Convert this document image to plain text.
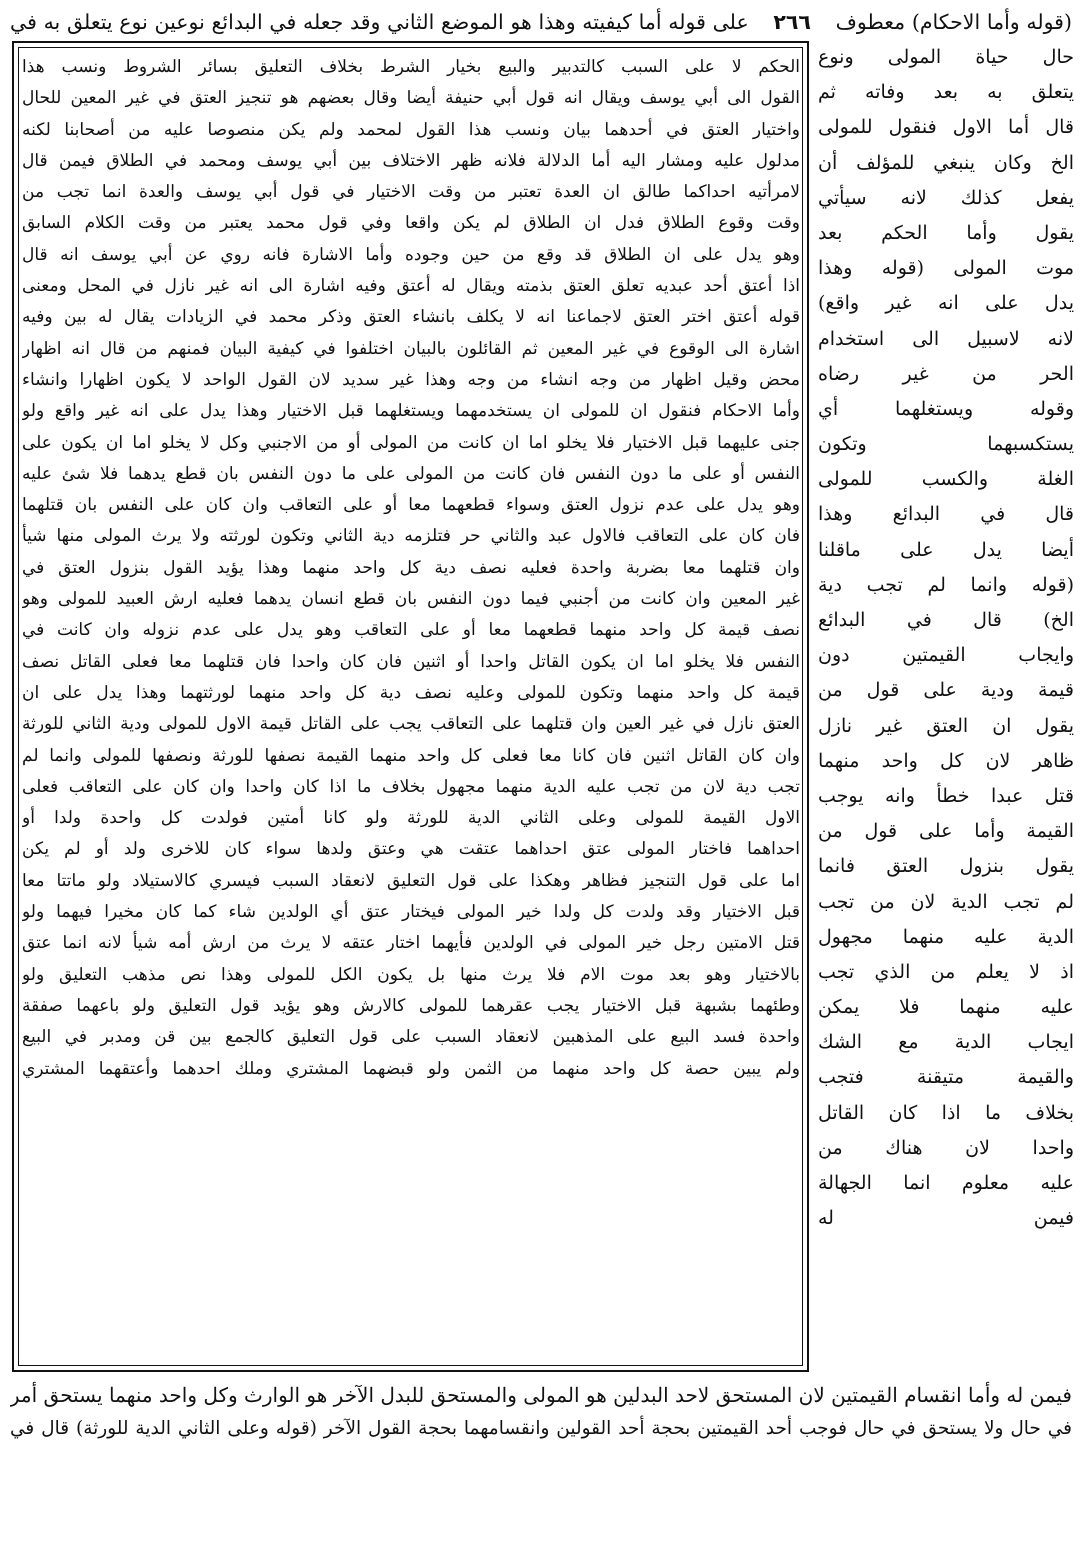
(قوله وأما الاحكام) معطوف ٢٦٦ على قوله أما كيفيته وهذا هو الموضع الثاني وقد جعله في البدائع نوعين نوع يتعلق به في
حال حياة المولى ونوع
يتعلق به بعد وفاته ثم
قال أما الاول فنقول للمولى
الخ وكان ينبغي للمؤلف أن
يفعل كذلك لانه سيأتي
يقول وأما الحكم بعد
موت المولى (قوله وهذا
يدل على انه غير واقع)
لانه لاسبيل الى استخدام
الحر من غير رضاه
وقوله ويستغلهما أي
يستكسبهما وتكون
الغلة والكسب للمولى
قال في البدائع وهذا
أيضا يدل على ماقلنا
(قوله وانما لم تجب دية
الخ) قال في البدائع
وايجاب القيمتين دون
قيمة ودية على قول من
يقول ان العتق غير نازل
ظاهر لان كل واحد منهما
قتل عبدا خطأ وانه يوجب
القيمة وأما على قول من
يقول بنزول العتق فانما
لم تجب الدية لان من تجب
الدية عليه منهما مجهول
اذ لا يعلم من الذي تجب
عليه منهما فلا يمكن
ايجاب الدية مع الشك
والقيمة متيقنة فتجب
بخلاف ما اذا كان القاتل
واحدا لان هناك من
عليه معلوم انما الجهالة
فيمن له
الحكم لا على السبب كالتدبير والبيع بخيار الشرط بخلاف التعليق بسائر الشروط ونسب هذا
القول الى أبي يوسف ويقال انه قول أبي حنيفة أيضا وقال بعضهم هو تنجيز العتق في غير المعين للحال
واختيار العتق في أحدهما بيان ونسب هذا القول لمحمد ولم يكن منصوصا عليه من أصحابنا لكنه
مدلول عليه ومشار اليه أما الدلالة فلانه ظهر الاختلاف بين أبي يوسف ومحمد في الطلاق فيمن قال
لامرأتيه احداكما طالق ان العدة تعتبر من وقت الاختيار في قول أبي يوسف والعدة انما تجب من
وقت وقوع الطلاق فدل ان الطلاق لم يكن واقعا وفي قول محمد يعتبر من وقت الكلام السابق
وهو يدل على ان الطلاق قد وقع من حين وجوده وأما الاشارة فانه روي عن أبي يوسف انه قال
اذا أعتق أحد عبديه تعلق العتق بذمته ويقال له أعتق وفيه اشارة الى انه غير نازل في المحل ومعنى
قوله أعتق اختر العتق لاجماعنا انه لا يكلف بانشاء العتق وذكر محمد في الزيادات يقال له بين وفيه
اشارة الى الوقوع في غير المعين ثم القائلون بالبيان اختلفوا في كيفية البيان فمنهم من قال انه اظهار
محض وقيل اظهار من وجه انشاء من وجه وهذا غير سديد لان القول الواحد لا يكون اظهارا وانشاء
وأما الاحكام فنقول ان للمولى ان يستخدمهما ويستغلهما قبل الاختيار وهذا يدل على انه غير واقع ولو
جنى عليهما قبل الاختيار فلا يخلو اما ان كانت من المولى أو من الاجنبي وكل لا يخلو اما ان يكون على
النفس أو على ما دون النفس فان كانت من المولى على ما دون النفس بان قطع يدهما فلا شئ عليه
وهو يدل على عدم نزول العتق وسواء قطعهما معا أو على التعاقب وان كان على النفس بان قتلهما
فان كان على التعاقب فالاول عبد والثاني حر فتلزمه دية الثاني وتكون لورثته ولا يرث المولى منها شيأ
وان قتلهما معا بضربة واحدة فعليه نصف دية كل واحد منهما وهذا يؤيد القول بنزول العتق في
غير المعين وان كانت من أجنبي فيما دون النفس بان قطع انسان يدهما فعليه ارش العبيد للمولى وهو
نصف قيمة كل واحد منهما قطعهما معا أو على التعاقب وهو يدل على عدم نزوله وان كانت في
النفس فلا يخلو اما ان يكون القاتل واحدا أو اثنين فان كان واحدا فان قتلهما معا فعلى القاتل نصف
قيمة كل واحد منهما وتكون للمولى وعليه نصف دية كل واحد منهما لورثتهما وهذا يدل على ان
العتق نازل في غير العين وان قتلهما على التعاقب يجب على القاتل قيمة الاول للمولى ودية الثاني للورثة
وان كان القاتل اثنين فان كانا معا فعلى كل واحد منهما القيمة نصفها للورثة ونصفها للمولى وانما لم
تجب دية لان من تجب عليه الدية منهما مجهول بخلاف ما اذا كان واحدا وان كان على التعاقب فعلى
الاول القيمة للمولى وعلى الثاني الدية للورثة ولو كانا أمتين فولدت كل واحدة ولدا أو
احداهما فاختار المولى عتق احداهما عتقت هي وعتق ولدها سواء كان للاخرى ولد أو لم يكن
اما على قول التنجيز فظاهر وهكذا على قول التعليق لانعقاد السبب فيسري كالاستيلاد ولو ماتتا معا
قبل الاختيار وقد ولدت كل ولدا خير المولى فيختار عتق أي الولدين شاء كما كان مخيرا فيهما ولو
قتل الامتين رجل خير المولى في الولدين فأيهما اختار عتقه لا يرث من ارش أمه شيأ لانه انما عتق
بالاختيار وهو بعد موت الام فلا يرث منها بل يكون الكل للمولى وهذا نص مذهب التعليق ولو
وطئهما بشبهة قبل الاختيار يجب عقرهما للمولى كالارش وهو يؤيد قول التعليق ولو باعهما صفقة
واحدة فسد البيع على المذهبين لانعقاد السبب على قول التعليق كالجمع بين قن ومدبر في البيع
ولم يبين حصة كل واحد منهما من الثمن ولو قبضهما المشتري وملك احدهما وأعتقهما المشتري
فيمن له وأما انقسام القيمتين لان المستحق لاحد البدلين هو المولى والمستحق للبدل الآخر هو الوارث وكل واحد منهما يستحق أمر
في حال ولا يستحق في حال فوجب أحد القيمتين بحجة أحد القولين وانقسامهما بحجة القول الآخر (قوله وعلى الثاني الدية للورثة) قال في
